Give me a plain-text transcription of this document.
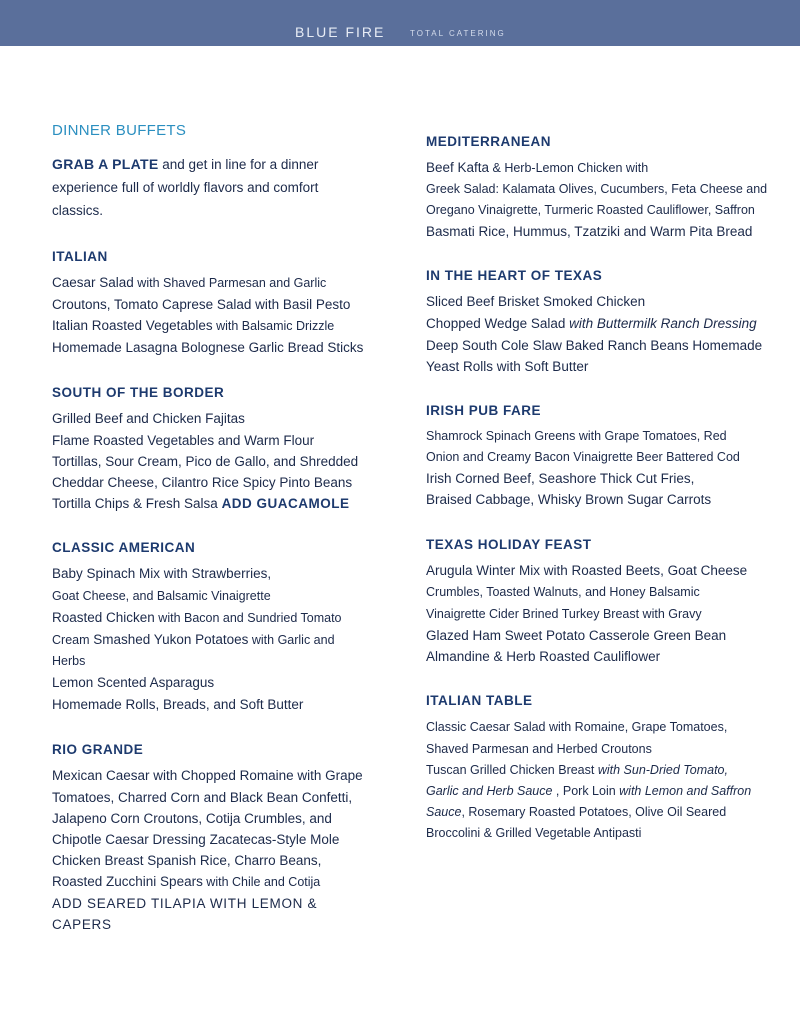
BLUE FIRE	TOTAL CATERING
DINNER BUFFETS
GRAB A PLATE and get in line for a dinner
experience full of worldly flavors and comfort
classics.
ITALIAN
Caesar Salad with Shaved Parmesan and Garlic
Croutons, Tomato Caprese Salad with Basil Pesto
Italian Roasted Vegetables with Balsamic Drizzle
Homemade Lasagna Bolognese Garlic Bread Sticks
SOUTH OF THE BORDER
Grilled Beef and Chicken Fajitas
Flame Roasted Vegetables and Warm Flour
Tortillas, Sour Cream, Pico de Gallo, and Shredded
Cheddar Cheese, Cilantro Rice Spicy Pinto Beans
Tortilla Chips & Fresh Salsa ADD GUACAMOLE
CLASSIC AMERICAN
Baby Spinach Mix with Strawberries,
Goat Cheese, and Balsamic Vinaigrette
Roasted Chicken with Bacon and Sundried Tomato
Cream Smashed Yukon Potatoes with Garlic and
Herbs
Lemon Scented Asparagus
Homemade Rolls, Breads, and Soft Butter
RIO GRANDE
Mexican Caesar with Chopped Romaine with Grape
Tomatoes, Charred Corn and Black Bean Confetti,
Jalapeno Corn Croutons, Cotija Crumbles, and
Chipotle Caesar Dressing Zacatecas-Style Mole
Chicken Breast Spanish Rice, Charro Beans,
Roasted Zucchini Spears with Chile and Cotija
ADD SEARED TILAPIA WITH LEMON &
CAPERS
MEDITERRANEAN
Beef Kafta & Herb-Lemon Chicken with
Greek Salad: Kalamata Olives, Cucumbers, Feta Cheese and
Oregano Vinaigrette, Turmeric Roasted Cauliflower, Saffron
Basmati Rice, Hummus, Tzatziki and Warm Pita Bread
IN THE HEART OF TEXAS
Sliced Beef Brisket Smoked Chicken
Chopped Wedge Salad with Buttermilk Ranch Dressing
Deep South Cole Slaw Baked Ranch Beans Homemade
Yeast Rolls with Soft Butter
IRISH PUB FARE
Shamrock Spinach Greens with Grape Tomatoes, Red
Onion and Creamy Bacon Vinaigrette Beer Battered Cod
Irish Corned Beef, Seashore Thick Cut Fries,
Braised Cabbage, Whisky Brown Sugar Carrots
TEXAS HOLIDAY FEAST
Arugula Winter Mix with Roasted Beets, Goat Cheese
Crumbles, Toasted Walnuts, and Honey Balsamic
Vinaigrette Cider Brined Turkey Breast with Gravy
Glazed Ham Sweet Potato Casserole Green Bean
Almandine & Herb Roasted Cauliflower
ITALIAN TABLE
Classic Caesar Salad with Romaine, Grape Tomatoes,
Shaved Parmesan and Herbed Croutons
Tuscan Grilled Chicken Breast with Sun-Dried Tomato,
Garlic and Herb Sauce , Pork Loin with Lemon and Saffron
Sauce, Rosemary Roasted Potatoes, Olive Oil Seared
Broccolini & Grilled Vegetable Antipasti
